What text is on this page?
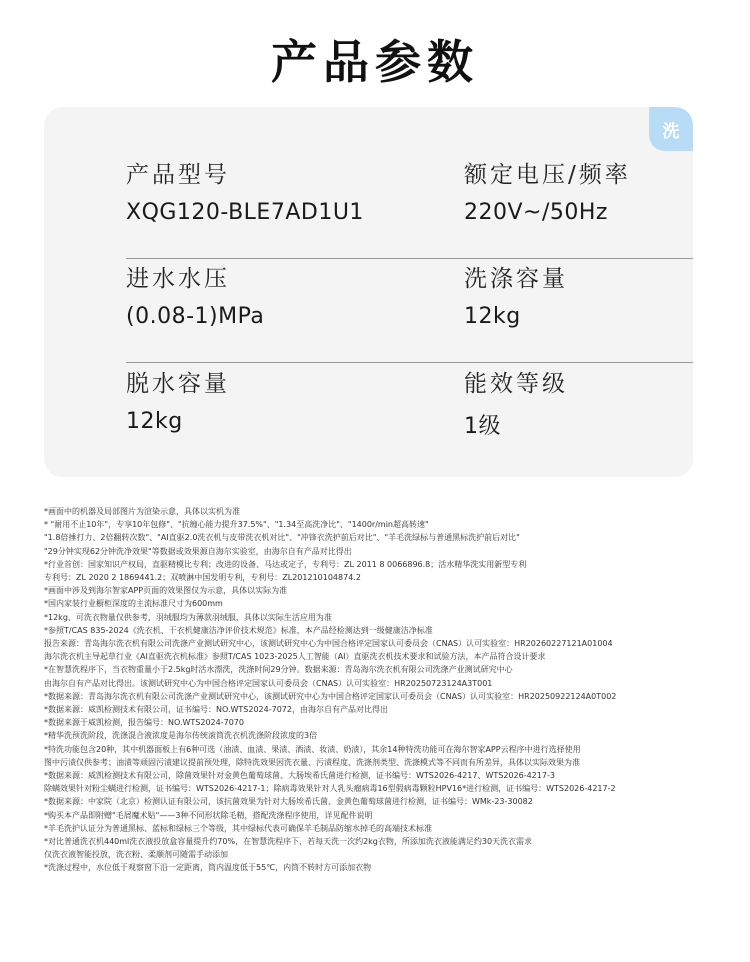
产品参数
洗
产品型号
XQG120-BLE7AD1U1
额定电压/频率
220V~/50Hz
进水水压
(0.08-1)MPa
洗涤容量
12kg
脱水容量
12kg
能效等级
1级
*画面中的机器及局部图片为渲染示意，具体以实机为准
* "耐用不止10年"，专享10年包修"、"抗缠心能力提升37.5%"、"1.34至高洗净比"、"1400r/min超高转速"
"1.8倍捶打力、2倍翻转次数"、"AI直驱2.0洗衣机与皮带洗衣机对比"、"冲锋衣洗护前后对比"、"羊毛洗绿标与普通黑标洗护前后对比"
"29分钟实现62分钟洗净效果"等数据或效果源自海尔实验室，由海尔自有产品对比得出
*行业首创：国家知识产权局，直驱精模比专利；改进的设备、马达或定子，专利号：ZL 2011 8 0066896.8；活水精华洗实用新型专利
专利号：ZL 2020 2 1869441.2；双喷淋中国发明专利，专利号：ZL201210104874.2
*画面中涉及到海尔智家APP页面的效果图仅为示意，具体以实际为准
*国内家装行业橱柜深度的主流标准尺寸为600mm
*12kg、可洗衣物量仅供参考，羽绒服均为薄款羽绒服，具体以实际生活应用为准
*参照T/CAS 835-2024《洗衣机、干衣机健康洁净评价技术规范》标准，本产品经检测达到一级健康洁净标准
报告来源：青岛海尔洗衣机有限公司洗涤产业测试研究中心，该测试研究中心为中国合格评定国家认可委员会（CNAS）认可实验室：HR20260227121A01004
海尔洗衣机主导起草行业《AI直驱洗衣机标准》参照T/CAS 1023-2025人工智能（AI）直驱洗衣机技术要求和试验方法，本产品符合设计要求
*在智慧洗程序下，当衣物重量小于2.5kg时活水漂洗，洗涤时间29分钟。数据来源：青岛海尔洗衣机有限公司洗涤产业测试研究中心
由海尔自有产品对比得出。该测试研究中心为中国合格评定国家认可委员会（CNAS）认可实验室：HR20250723124A3T001
*数据来源：青岛海尔洗衣机有限公司洗涤产业测试研究中心，该测试研究中心为中国合格评定国家认可委员会（CNAS）认可实验室：HR20250922124A0T002
*数据来源：威凯检测技术有限公司，证书编号：NO.WTS2024-7072，由海尔自有产品对比得出
*数据来源于威凯检测，报告编号：NO.WTS2024-7070
*精华洗预洗阶段，洗涤混合液浓度是海尔传统滚筒洗衣机洗涤阶段浓度的3倍
*特洗功能包含20种，其中机器面板上有6种可选（油渍、血渍、果渍、酒渍、妆渍、奶渍），其余14种特洗功能可在海尔智家APP云程序中进行选择使用
图中污渍仅供参考；油渍等顽固污渍建议提前预处理，除特洗效果因洗衣量、污渍程度、洗涤剂类型、洗涤模式等不同而有所差异，具体以实际效果为准
*数据来源：威凯检测技术有限公司，除菌效果针对金黄色葡萄球菌、大肠埃希氏菌进行检测，证书编号：WTS2026-4217、WTS2026-4217-3
除螨效果针对粉尘螨进行检测，证书编号：WTS2026-4217-1；除病毒效果针对人乳头瘤病毒16型假病毒颗粒HPV16*进行检测，证书编号：WTS2026-4217-2
*数据来源：中家院（北京）检测认证有限公司，该抗菌效果为针对大肠埃希氏菌、金黄色葡萄球菌进行检测，证书编号：WMk-23-30082
*购买本产品即附赠"毛屑魔术贴"——3种不同形状除毛精，搭配洗涤程序使用，详见配件说明
*羊毛洗护认证分为普通黑标、蓝标和绿标三个等级，其中绿标代表可确保羊毛制品防缩水掉毛的高端技术标准
*对比普通洗衣机440ml洗衣液投放盒容量提升约70%，在智慧洗程序下，若每天洗一次约2kg衣物，所添加洗衣液能满足约30天洗衣需求
仅洗衣液智能投放，洗衣粉、柔顺剂可随需手动添加
*洗涤过程中，水位低于观察窗下沿一定距离，筒内温度低于55℃，内筒不转时方可添加衣物
